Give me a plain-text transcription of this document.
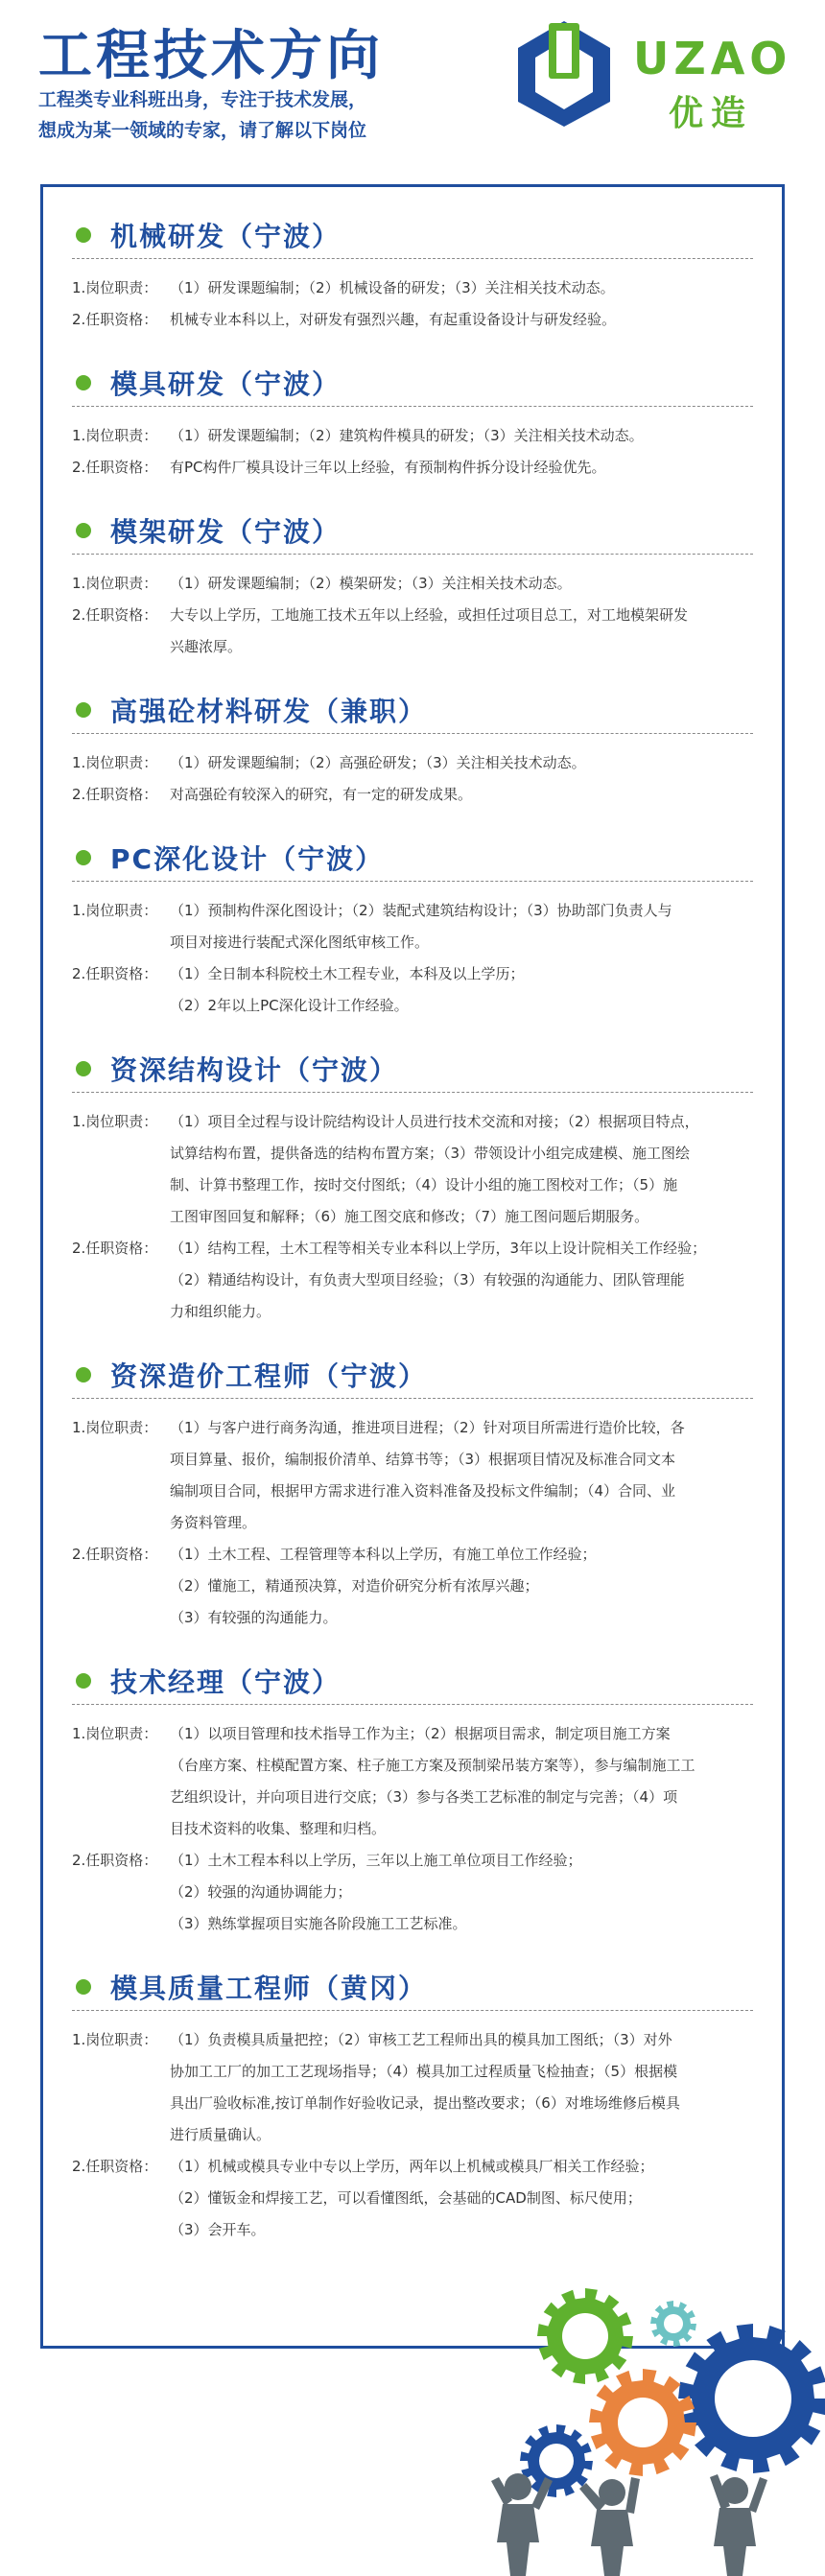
工程技术方向
工程类专业科班出身，专注于技术发展，
想成为某一领域的专家，请了解以下岗位
UZAO
优造
机械研发（宁波）
1.岗位职责： （1）研发课题编制；（2）机械设备的研发；（3）关注相关技术动态。
2.任职资格： 机械专业本科以上，对研发有强烈兴趣，有起重设备设计与研发经验。
模具研发（宁波）
1.岗位职责： （1）研发课题编制；（2）建筑构件模具的研发；（3）关注相关技术动态。
2.任职资格： 有PC构件厂模具设计三年以上经验，有预制构件拆分设计经验优先。
模架研发（宁波）
1.岗位职责： （1）研发课题编制；（2）模架研发；（3）关注相关技术动态。
2.任职资格： 大专以上学历，工地施工技术五年以上经验，或担任过项目总工，对工地模架研发
兴趣浓厚。
高强砼材料研发（兼职）
1.岗位职责： （1）研发课题编制；（2）高强砼研发；（3）关注相关技术动态。
2.任职资格： 对高强砼有较深入的研究，有一定的研发成果。
PC深化设计（宁波）
1.岗位职责： （1）预制构件深化图设计；（2）装配式建筑结构设计；（3）协助部门负责人与
项目对接进行装配式深化图纸审核工作。
2.任职资格： （1）全日制本科院校土木工程专业，本科及以上学历；
（2）2年以上PC深化设计工作经验。
资深结构设计（宁波）
1.岗位职责： （1）项目全过程与设计院结构设计人员进行技术交流和对接；（2）根据项目特点，
试算结构布置，提供备选的结构布置方案；（3）带领设计小组完成建模、施工图绘
制、计算书整理工作，按时交付图纸；（4）设计小组的施工图校对工作；（5）施
工图审图回复和解释；（6）施工图交底和修改；（7）施工图问题后期服务。
2.任职资格： （1）结构工程，土木工程等相关专业本科以上学历，3年以上设计院相关工作经验；
（2）精通结构设计，有负责大型项目经验；（3）有较强的沟通能力、团队管理能
力和组织能力。
资深造价工程师（宁波）
1.岗位职责： （1）与客户进行商务沟通，推进项目进程；（2）针对项目所需进行造价比较，各
项目算量、报价，编制报价清单、结算书等；（3）根据项目情况及标准合同文本
编制项目合同，根据甲方需求进行准入资料准备及投标文件编制；（4）合同、业
务资料管理。
2.任职资格： （1）土木工程、工程管理等本科以上学历，有施工单位工作经验；
（2）懂施工，精通预决算，对造价研究分析有浓厚兴趣；
（3）有较强的沟通能力。
技术经理（宁波）
1.岗位职责： （1）以项目管理和技术指导工作为主；（2）根据项目需求，制定项目施工方案
（台座方案、柱模配置方案、柱子施工方案及预制梁吊装方案等），参与编制施工工
艺组织设计，并向项目进行交底；（3）参与各类工艺标准的制定与完善；（4）项
目技术资料的收集、整理和归档。
2.任职资格： （1）土木工程本科以上学历，三年以上施工单位项目工作经验；
（2）较强的沟通协调能力；
（3）熟练掌握项目实施各阶段施工工艺标准。
模具质量工程师（黄冈）
1.岗位职责： （1）负责模具质量把控；（2）审核工艺工程师出具的模具加工图纸；（3）对外
协加工工厂的加工工艺现场指导；（4）模具加工过程质量飞检抽查；（5）根据模
具出厂验收标准,按订单制作好验收记录，提出整改要求；（6）对堆场维修后模具
进行质量确认。
2.任职资格： （1）机械或模具专业中专以上学历，两年以上机械或模具厂相关工作经验；
（2）懂钣金和焊接工艺，可以看懂图纸，会基础的CAD制图、标尺使用；
（3）会开车。
